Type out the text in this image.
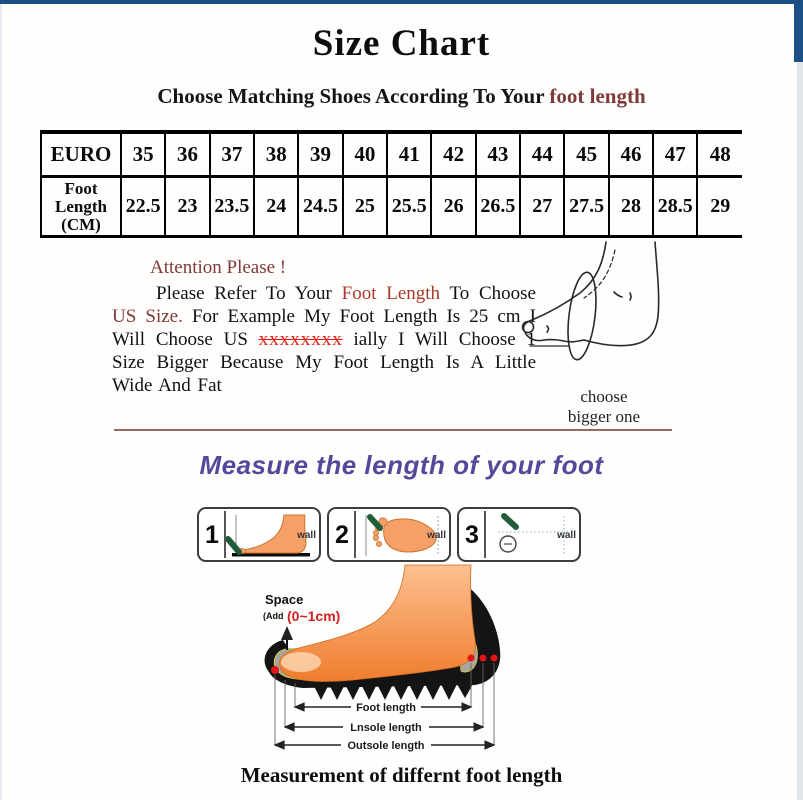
Size Chart
Choose Matching Shoes According To Your foot length
EURO	35	36	37	38	39	40	41	42	43	44	45	46	47	48

Foot
Length
(CM)	22.5	23	23.5	24	24.5	25	25.5	26	26.5	27	27.5	28	28.5	29
Attention Please !

Please Refer To Your Foot Length To Choose US Size. For Example My Foot Length Is 25 cm I Will Choose US xxxxxxxx ially I Will Choose 1 Size Bigger Because My Foot Length Is A Little Wide And Fat

choose
bigger one
Measure the length of your foot
1	wall 2	wall 3	wall
Foot length
Lnsole length
Outsole length
Space
(Add (0~1cm)
Measurement of differnt foot length
